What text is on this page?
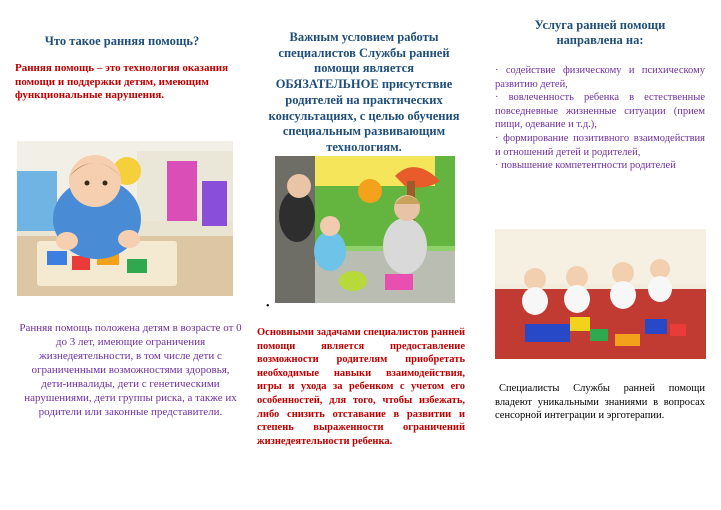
Что такое ранняя помощь?
Ранняя помощь – это технология оказания помощи и поддержки детям, имеющим функциональные нарушения.
Ранняя помощь положена детям в возрасте от 0 до 3 лет, имеющие ограничения жизнедеятельности, в том числе дети с ограниченными возможностями здоровья, дети-инвалиды, дети с генетическими нарушениями, дети группы риска, а также их родители или законные представители.
Важным условием работы специалистов Службы ранней помощи является ОБЯЗАТЕЛЬНОЕ присутствие родителей на практических консультациях, с целью обучения специальным развивающим технологиям.
•
Основными задачами специалистов ранней помощи является предоставление возможности родителям приобретать необходимые навыки взаимодействия, игры и ухода за ребенком с учетом его особенностей, для того, чтобы избежать, либо снизить отставание в развитии и степень выраженности ограничений жизнедеятельности ребенка.
Услуга ранней помощи направлена на:
· содействие физическому и психическому развитию детей,
· вовлеченность ребенка в естественные повседневные жизненные ситуации (прием пищи, одевание и т.д.),
· формирование позитивного взаимодействия и отношений детей и родителей,
· повышение компетентности родителей
Специалисты Службы ранней помощи владеют уникальными знаниями в вопросах сенсорной интеграции и эрготерапии.
